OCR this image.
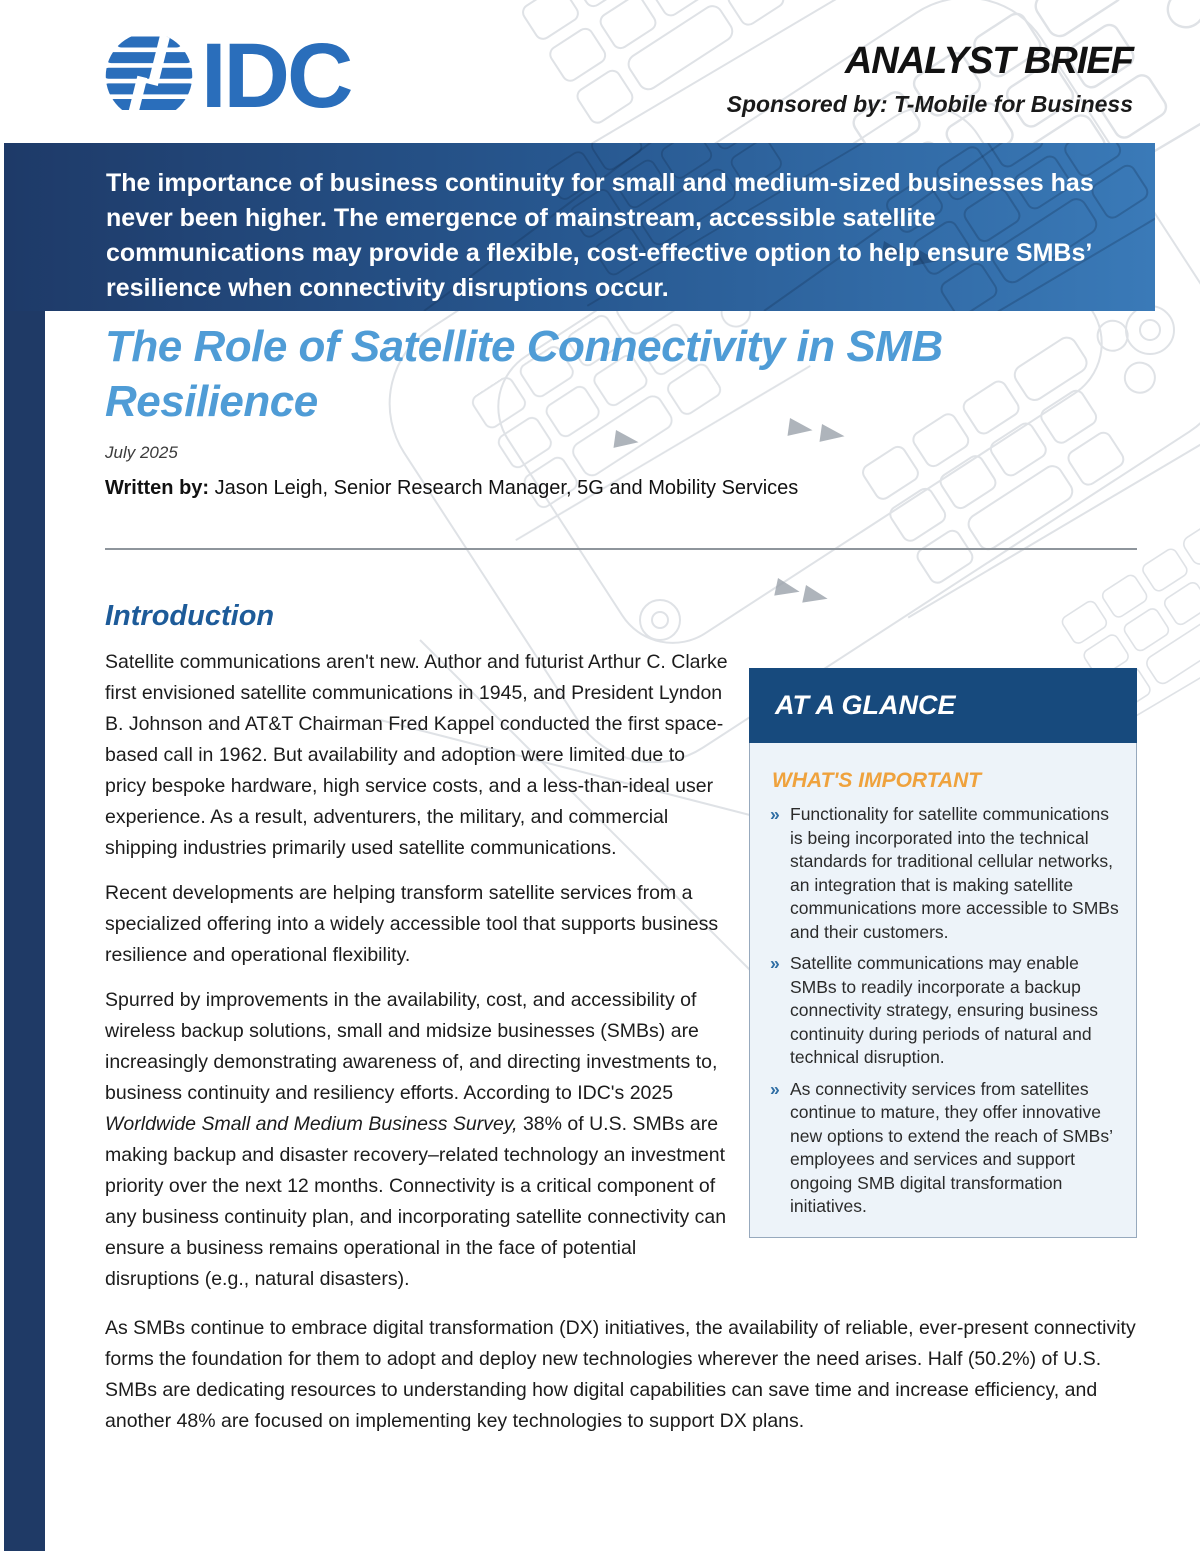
IDC	ANALYST BRIEF
Sponsored by: T-Mobile for Business
The importance of business continuity for small and medium-sized businesses has never been higher. The emergence of mainstream, accessible satellite communications may provide a flexible, cost-effective option to help ensure SMBs’ resilience when connectivity disruptions occur.
The Role of Satellite Connectivity in SMB Resilience
July 2025
Written by: Jason Leigh, Senior Research Manager, 5G and Mobility Services
AT A GLANCE
WHAT'S IMPORTANT
» Functionality for satellite communications is being incorporated into the technical standards for traditional cellular networks, an integration that is making satellite communications more accessible to SMBs and their customers.
» Satellite communications may enable SMBs to readily incorporate a backup connectivity strategy, ensuring business continuity during periods of natural and technical disruption.
» As connectivity services from satellites continue to mature, they offer innovative new options to extend the reach of SMBs’ employees and services and support ongoing SMB digital transformation initiatives.
Introduction

Satellite communications aren't new. Author and futurist Arthur C. Clarke first envisioned satellite communications in 1945, and President Lyndon B. Johnson and AT&T Chairman Fred Kappel conducted the first space-based call in 1962. But availability and adoption were limited due to pricy bespoke hardware, high service costs, and a less-than-ideal user experience. As a result, adventurers, the military, and commercial shipping industries primarily used satellite communications.

Recent developments are helping transform satellite services from a specialized offering into a widely accessible tool that supports business resilience and operational flexibility.

Spurred by improvements in the availability, cost, and accessibility of wireless backup solutions, small and midsize businesses (SMBs) are increasingly demonstrating awareness of, and directing investments to, business continuity and resiliency efforts. According to IDC's 2025 Worldwide Small and Medium Business Survey, 38% of U.S. SMBs are making backup and disaster recovery–related technology an investment priority over the next 12 months. Connectivity is a critical component of any business continuity plan, and incorporating satellite connectivity can ensure a business remains operational in the face of potential disruptions (e.g., natural disasters).

As SMBs continue to embrace digital transformation (DX) initiatives, the availability of reliable, ever-present connectivity forms the foundation for them to adopt and deploy new technologies wherever the need arises. Half (50.2%) of U.S. SMBs are dedicating resources to understanding how digital capabilities can save time and increase efficiency, and another 48% are focused on implementing key technologies to support DX plans.
